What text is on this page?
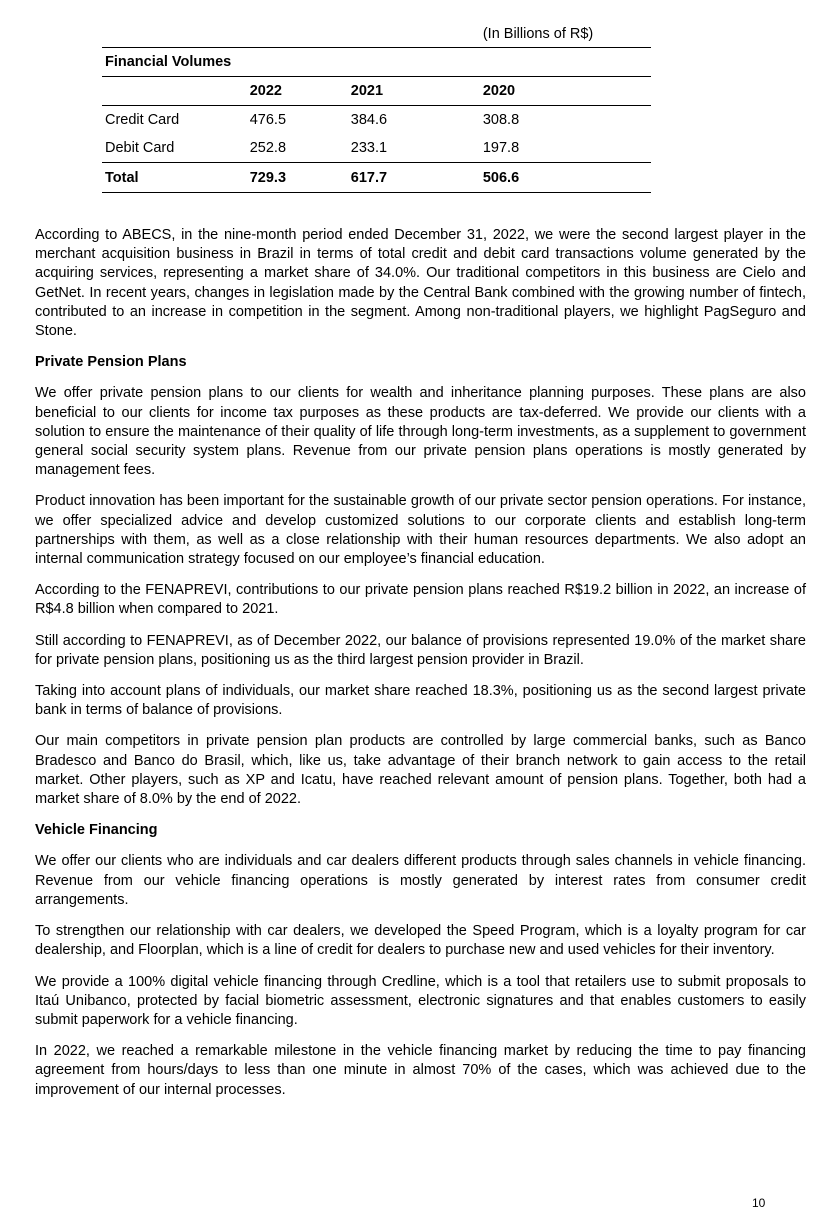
			(In Billions of R$)
Financial Volumes			
	2022	2021	2020
Credit Card	476.5	384.6	308.8
Debit Card	252.8	233.1	197.8
Total	729.3	617.7	506.6

According to ABECS, in the nine-month period ended December 31, 2022, we were the second largest player in the merchant acquisition business in Brazil in terms of total credit and debit card transactions volume generated by the acquiring services, representing a market share of 34.0%. Our traditional competitors in this business are Cielo and GetNet. In recent years, changes in legislation made by the Central Bank combined with the growing number of fintech, contributed to an increase in competition in the segment. Among non-traditional players, we highlight PagSeguro and Stone.

Private Pension Plans

We offer private pension plans to our clients for wealth and inheritance planning purposes. These plans are also beneficial to our clients for income tax purposes as these products are tax-deferred. We provide our clients with a solution to ensure the maintenance of their quality of life through long-term investments, as a supplement to government general social security system plans. Revenue from our private pension plans operations is mostly generated by management fees.

Product innovation has been important for the sustainable growth of our private sector pension operations. For instance, we offer specialized advice and develop customized solutions to our corporate clients and establish long-term partnerships with them, as well as a close relationship with their human resources departments. We also adopt an internal communication strategy focused on our employee’s financial education.

According to the FENAPREVI, contributions to our private pension plans reached R$19.2 billion in 2022, an increase of R$4.8 billion when compared to 2021.

Still according to FENAPREVI, as of December 2022, our balance of provisions represented 19.0% of the market share for private pension plans, positioning us as the third largest pension provider in Brazil.

Taking into account plans of individuals, our market share reached 18.3%, positioning us as the second largest private bank in terms of balance of provisions.

Our main competitors in private pension plan products are controlled by large commercial banks, such as Banco Bradesco and Banco do Brasil, which, like us, take advantage of their branch network to gain access to the retail market. Other players, such as XP and Icatu, have reached relevant amount of pension plans. Together, both had a market share of 8.0% by the end of 2022.

Vehicle Financing

We offer our clients who are individuals and car dealers different products through sales channels in vehicle financing. Revenue from our vehicle financing operations is mostly generated by interest rates from consumer credit arrangements.

To strengthen our relationship with car dealers, we developed the Speed Program, which is a loyalty program for car dealership, and Floorplan, which is a line of credit for dealers to purchase new and used vehicles for their inventory.

We provide a 100% digital vehicle financing through Credline, which is a tool that retailers use to submit proposals to Itaú Unibanco, protected by facial biometric assessment, electronic signatures and that enables customers to easily submit paperwork for a vehicle financing.

In 2022, we reached a remarkable milestone in the vehicle financing market by reducing the time to pay financing agreement from hours/days to less than one minute in almost 70% of the cases, which was achieved due to the improvement of our internal processes.

10
